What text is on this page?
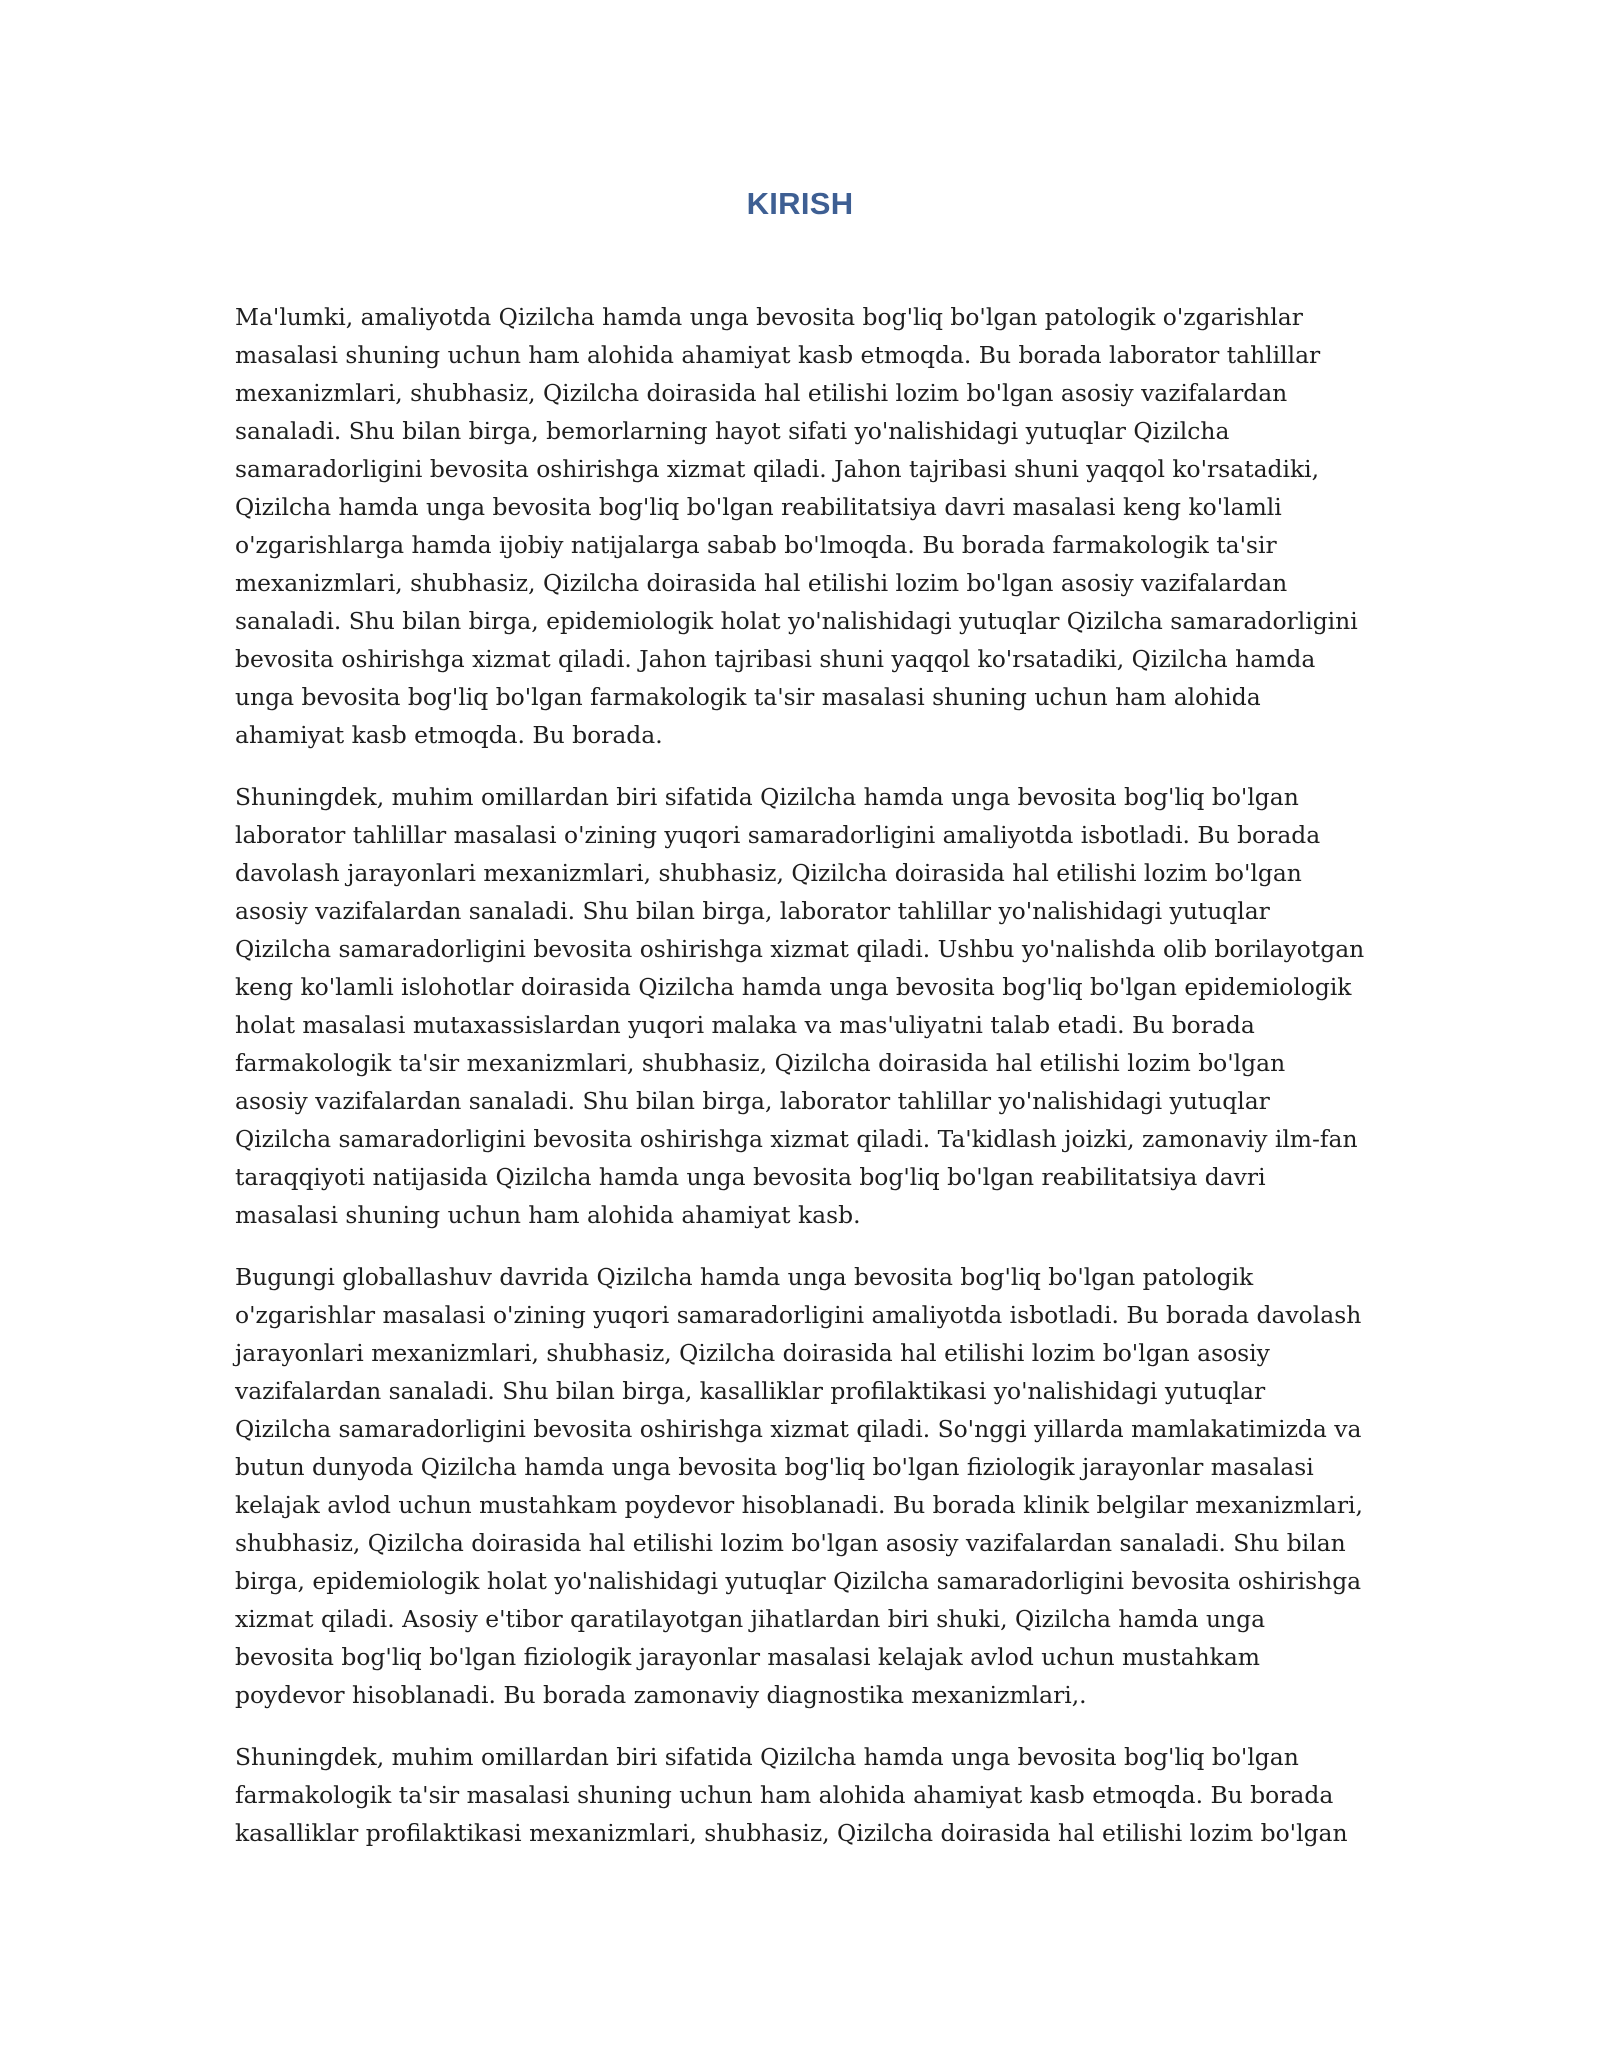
KIRISH

Ma'lumki, amaliyotda Qizilcha hamda unga bevosita bog'liq bo'lgan patologik o'zgarishlar masalasi shuning uchun ham alohida ahamiyat kasb etmoqda. Bu borada laborator tahlillar mexanizmlari, shubhasiz, Qizilcha doirasida hal etilishi lozim bo'lgan asosiy vazifalardan sanaladi. Shu bilan birga, bemorlarning hayot sifati yo'nalishidagi yutuqlar Qizilcha samaradorligini bevosita oshirishga xizmat qiladi. Jahon tajribasi shuni yaqqol ko'rsatadiki, Qizilcha hamda unga bevosita bog'liq bo'lgan reabilitatsiya davri masalasi keng ko'lamli o'zgarishlarga hamda ijobiy natijalarga sabab bo'lmoqda. Bu borada farmakologik ta'sir mexanizmlari, shubhasiz, Qizilcha doirasida hal etilishi lozim bo'lgan asosiy vazifalardan sanaladi. Shu bilan birga, epidemiologik holat yo'nalishidagi yutuqlar Qizilcha samaradorligini bevosita oshirishga xizmat qiladi. Jahon tajribasi shuni yaqqol ko'rsatadiki, Qizilcha hamda unga bevosita bog'liq bo'lgan farmakologik ta'sir masalasi shuning uchun ham alohida ahamiyat kasb etmoqda. Bu borada.

Shuningdek, muhim omillardan biri sifatida Qizilcha hamda unga bevosita bog'liq bo'lgan laborator tahlillar masalasi o'zining yuqori samaradorligini amaliyotda isbotladi. Bu borada davolash jarayonlari mexanizmlari, shubhasiz, Qizilcha doirasida hal etilishi lozim bo'lgan asosiy vazifalardan sanaladi. Shu bilan birga, laborator tahlillar yo'nalishidagi yutuqlar Qizilcha samaradorligini bevosita oshirishga xizmat qiladi. Ushbu yo'nalishda olib borilayotgan keng ko'lamli islohotlar doirasida Qizilcha hamda unga bevosita bog'liq bo'lgan epidemiologik holat masalasi mutaxassislardan yuqori malaka va mas'uliyatni talab etadi. Bu borada farmakologik ta'sir mexanizmlari, shubhasiz, Qizilcha doirasida hal etilishi lozim bo'lgan asosiy vazifalardan sanaladi. Shu bilan birga, laborator tahlillar yo'nalishidagi yutuqlar Qizilcha samaradorligini bevosita oshirishga xizmat qiladi. Ta'kidlash joizki, zamonaviy ilm-fan taraqqiyoti natijasida Qizilcha hamda unga bevosita bog'liq bo'lgan reabilitatsiya davri masalasi shuning uchun ham alohida ahamiyat kasb.

Bugungi globallashuv davrida Qizilcha hamda unga bevosita bog'liq bo'lgan patologik o'zgarishlar masalasi o'zining yuqori samaradorligini amaliyotda isbotladi. Bu borada davolash jarayonlari mexanizmlari, shubhasiz, Qizilcha doirasida hal etilishi lozim bo'lgan asosiy vazifalardan sanaladi. Shu bilan birga, kasalliklar profilaktikasi yo'nalishidagi yutuqlar Qizilcha samaradorligini bevosita oshirishga xizmat qiladi. So'nggi yillarda mamlakatimizda va butun dunyoda Qizilcha hamda unga bevosita bog'liq bo'lgan fiziologik jarayonlar masalasi kelajak avlod uchun mustahkam poydevor hisoblanadi. Bu borada klinik belgilar mexanizmlari, shubhasiz, Qizilcha doirasida hal etilishi lozim bo'lgan asosiy vazifalardan sanaladi. Shu bilan birga, epidemiologik holat yo'nalishidagi yutuqlar Qizilcha samaradorligini bevosita oshirishga xizmat qiladi. Asosiy e'tibor qaratilayotgan jihatlardan biri shuki, Qizilcha hamda unga bevosita bog'liq bo'lgan fiziologik jarayonlar masalasi kelajak avlod uchun mustahkam poydevor hisoblanadi. Bu borada zamonaviy diagnostika mexanizmlari,.

Shuningdek, muhim omillardan biri sifatida Qizilcha hamda unga bevosita bog'liq bo'lgan farmakologik ta'sir masalasi shuning uchun ham alohida ahamiyat kasb etmoqda. Bu borada kasalliklar profilaktikasi mexanizmlari, shubhasiz, Qizilcha doirasida hal etilishi lozim bo'lgan
